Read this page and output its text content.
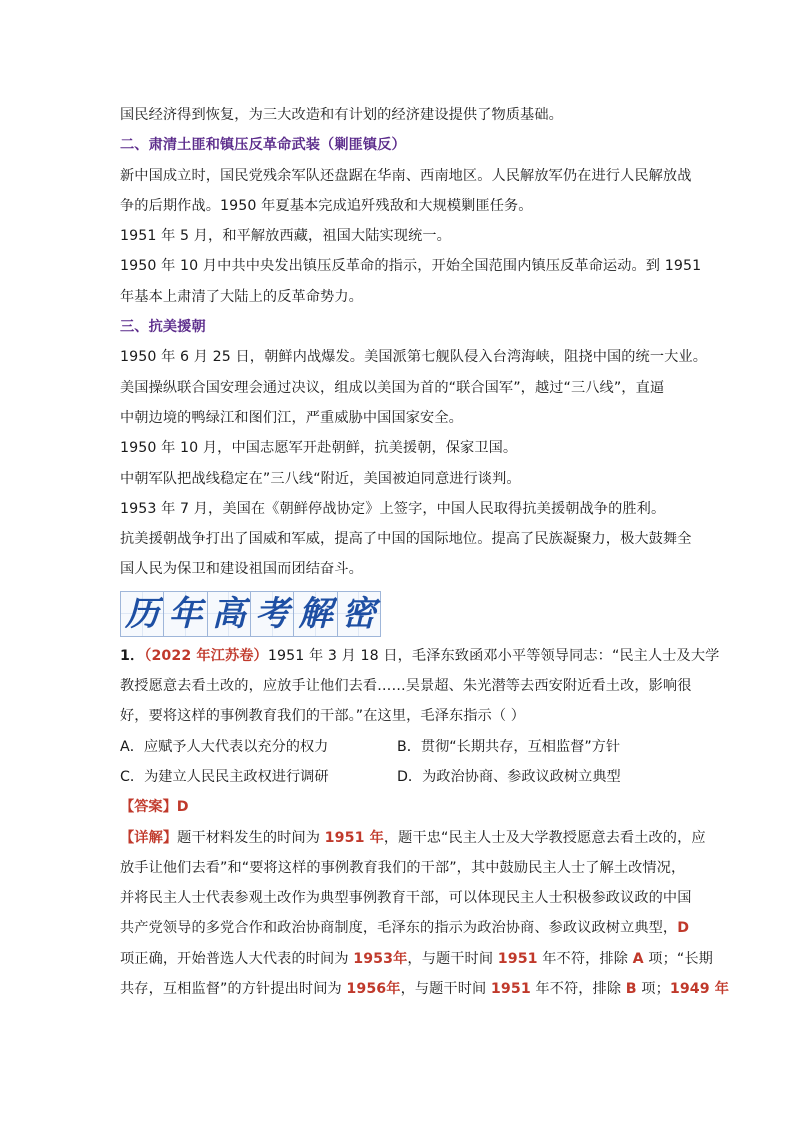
国民经济得到恢复，为三大改造和有计划的经济建设提供了物质基础。
二、肃清土匪和镇压反革命武装（剿匪镇反）
新中国成立时，国民党残余军队还盘踞在华南、西南地区。人民解放军仍在进行人民解放战
争的后期作战。1950 年夏基本完成追歼残敌和大规模剿匪任务。
1951 年 5 月，和平解放西藏，祖国大陆实现统一。
1950 年 10 月中共中央发出镇压反革命的指示，开始全国范围内镇压反革命运动。到 1951
年基本上肃清了大陆上的反革命势力。
三、抗美援朝
1950 年 6 月 25 日，朝鲜内战爆发。美国派第七舰队侵入台湾海峡，阻挠中国的统一大业。
美国操纵联合国安理会通过决议，组成以美国为首的“联合国军”，越过“三八线”，直逼
中朝边境的鸭绿江和图们江，严重威胁中国国家安全。
1950 年 10 月，中国志愿军开赴朝鲜，抗美援朝，保家卫国。
中朝军队把战线稳定在”三八线“附近，美国被迫同意进行谈判。
1953 年 7 月，美国在《朝鲜停战协定》上签字，中国人民取得抗美援朝战争的胜利。
抗美援朝战争打出了国威和军威，提高了中国的国际地位。提高了民族凝聚力，极大鼓舞全
国人民为保卫和建设祖国而团结奋斗。
历 年 高 考 解 密
1．（2022 年江苏卷）1951 年 3 月 18 日，毛泽东致函邓小平等领导同志：“民主人士及大学
教授愿意去看土改的，应放手让他们去看……吴景超、朱光潜等去西安附近看土改，影响很
好，要将这样的事例教育我们的干部。”在这里，毛泽东指示（ ）
A．应赋予人大代表以充分的权力	B．贯彻“长期共存，互相监督”方针
C．为建立人民民主政权进行调研	D．为政治协商、参政议政树立典型
【答案】D
【详解】题干材料发生的时间为 1951 年，题干忠“民主人士及大学教授愿意去看土改的，应
放手让他们去看”和“要将这样的事例教育我们的干部”，其中鼓励民主人士了解土改情况，
并将民主人士代表参观土改作为典型事例教育干部，可以体现民主人士积极参政议政的中国
共产党领导的多党合作和政治协商制度，毛泽东的指示为政治协商、参政议政树立典型，D
项正确，开始普选人大代表的时间为 1953年，与题干时间 1951 年不符，排除 A 项；“长期
共存，互相监督”的方针提出时间为 1956年，与题干时间 1951 年不符，排除 B 项；1949 年
